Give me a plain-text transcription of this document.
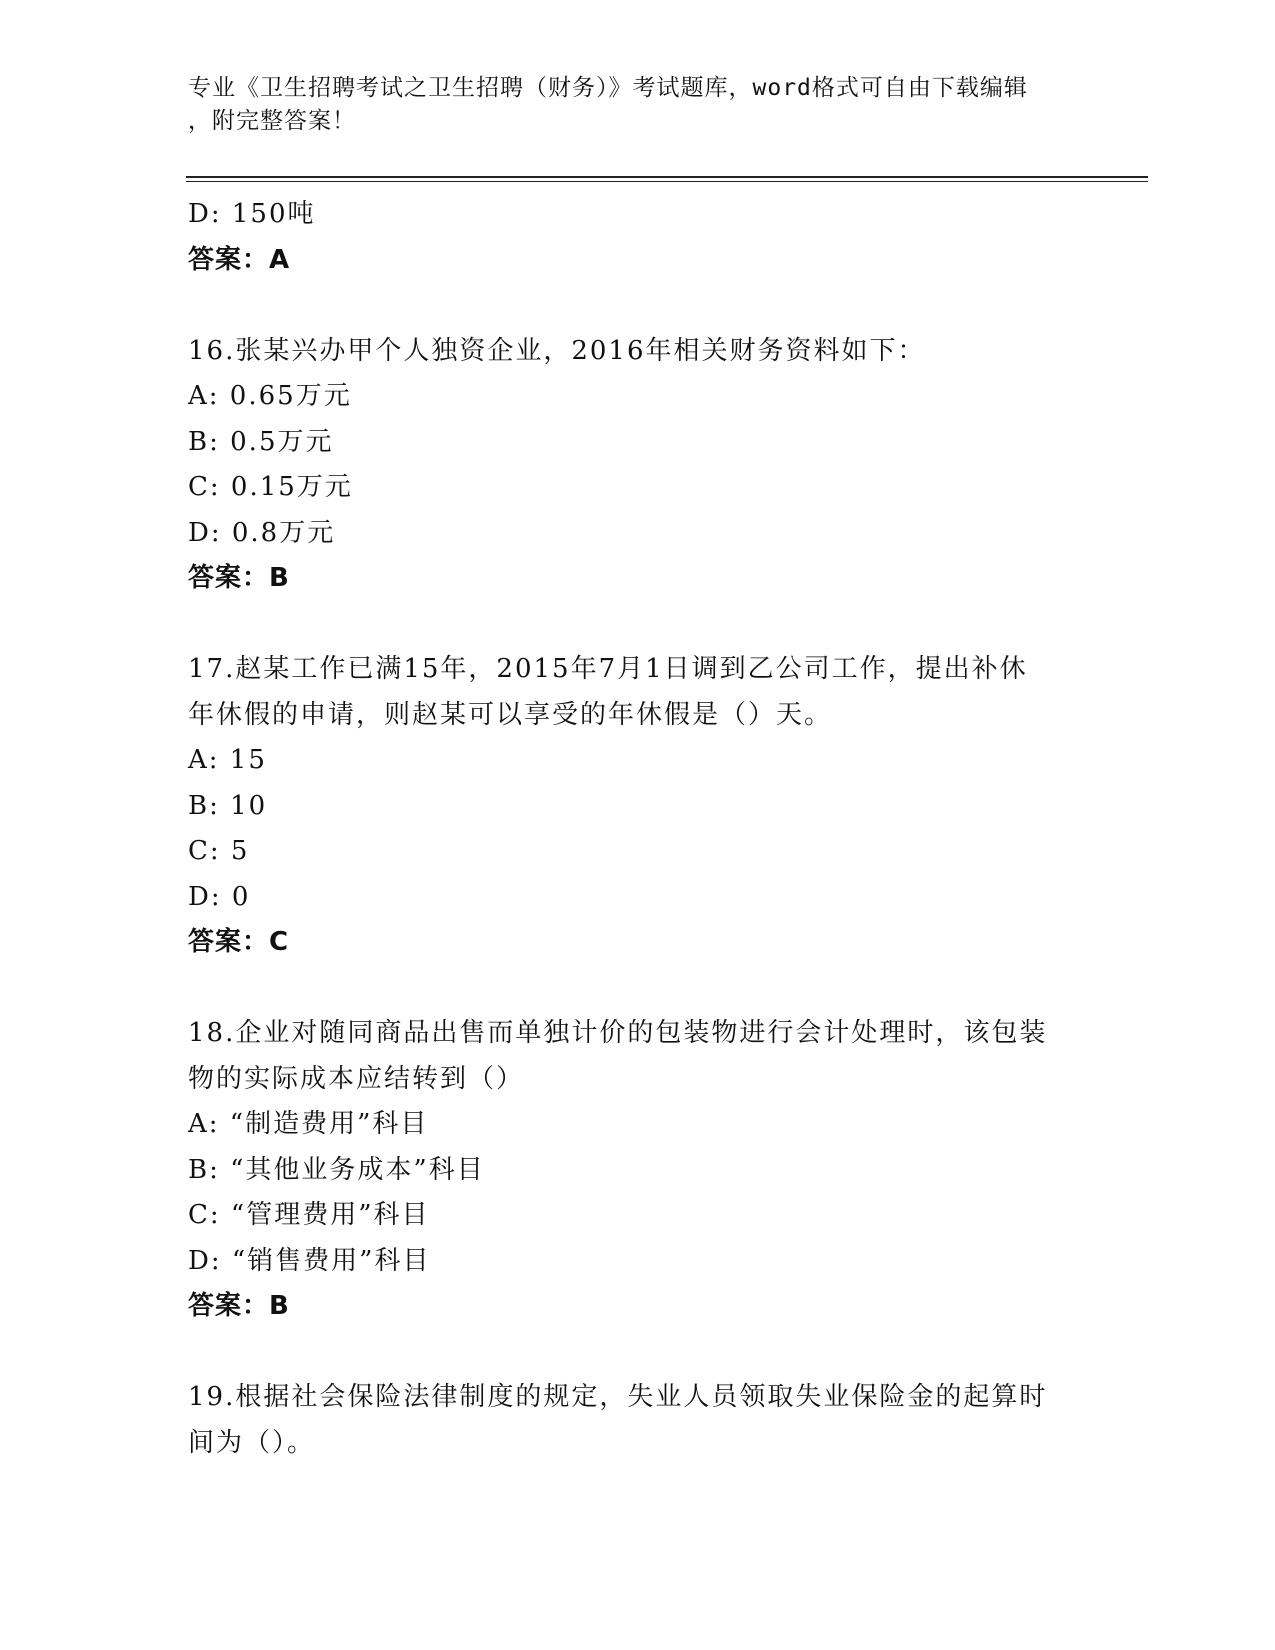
专业《卫生招聘考试之卫生招聘（财务）》考试题库，word格式可自由下载编辑
，附完整答案！
D: 150吨
答案：A
16.张某兴办甲个人独资企业，2016年相关财务资料如下：
A: 0.65万元
B: 0.5万元
C: 0.15万元
D: 0.8万元
答案：B
17.赵某工作已满15年，2015年7月1日调到乙公司工作，提出补休
年休假的申请，则赵某可以享受的年休假是（）天。
A: 15
B: 10
C: 5
D: 0
答案：C
18.企业对随同商品出售而单独计价的包装物进行会计处理时，该包装
物的实际成本应结转到（）
A: “制造费用”科目
B: “其他业务成本”科目
C: “管理费用”科目
D: “销售费用”科目
答案：B
19.根据社会保险法律制度的规定，失业人员领取失业保险金的起算时
间为（）。
